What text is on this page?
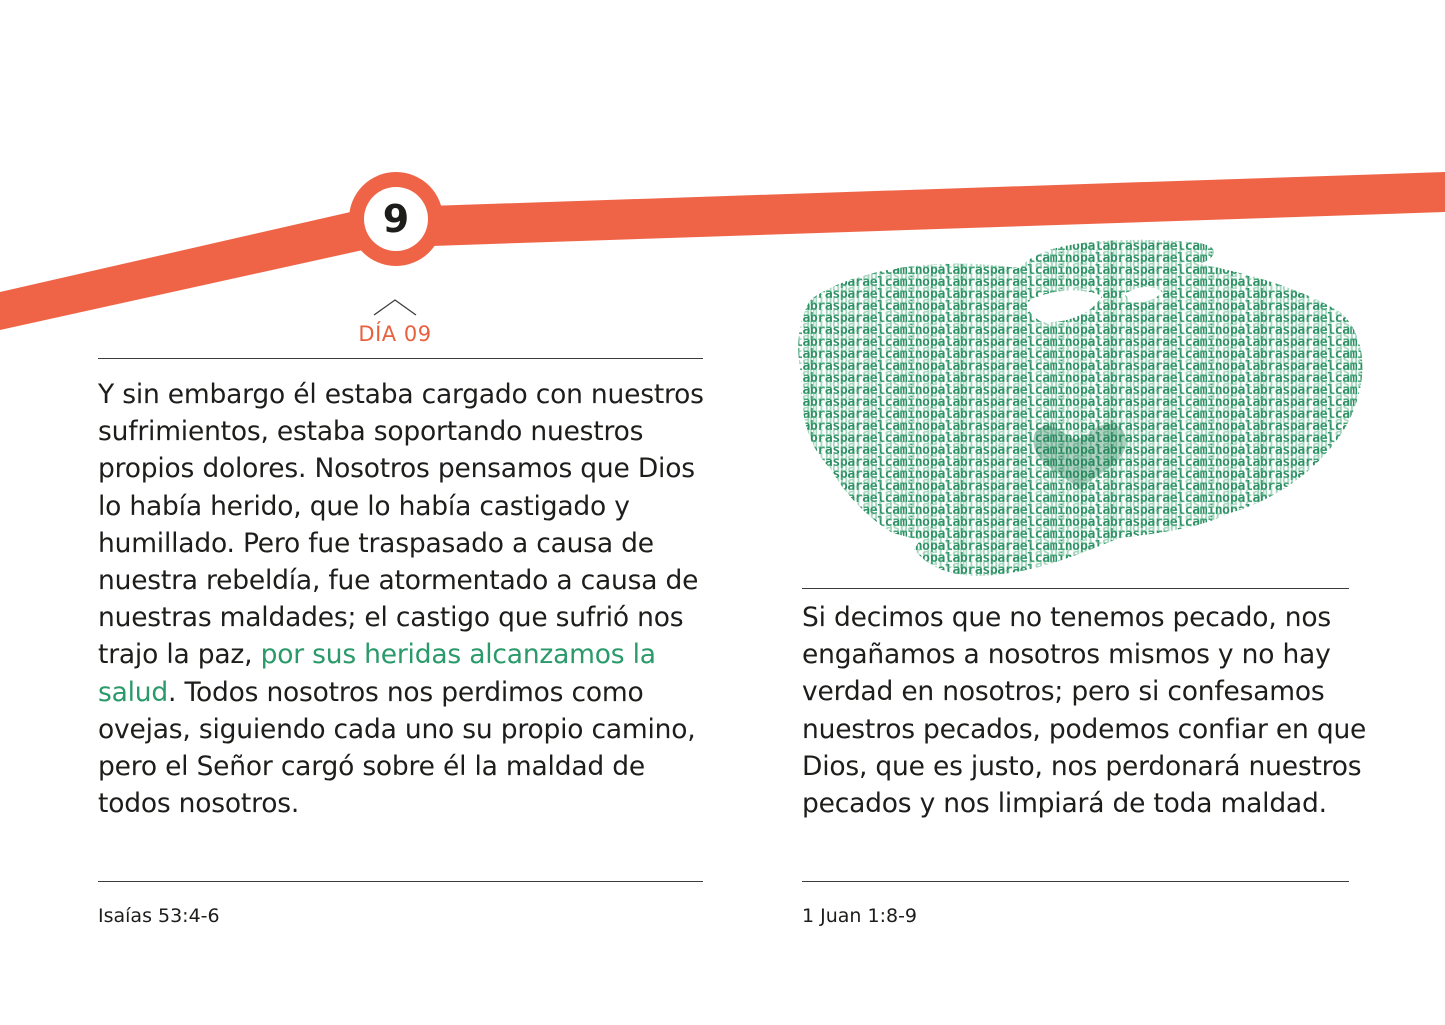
9
DÍA 09

Y sin embargo él estaba cargado con nuestros sufrimientos, estaba soportando nuestros propios dolores. Nosotros pensamos que Dios lo había herido, que lo había castigado y humillado. Pero fue traspasado a causa de nuestra rebeldía, fue atormentado a causa de nuestras maldades; el castigo que sufrió nos trajo la paz, por sus heridas alcanzamos la salud. Todos nosotros nos perdimos como ovejas, siguiendo cada uno su propio camino, pero el Señor cargó sobre él la maldad de todos nosotros.

Isaías 53:4-6

Si decimos que no tenemos pecado, nos engañamos a nosotros mismos y no hay verdad en nosotros; pero si confesamos nuestros pecados, podemos confiar en que Dios, que es justo, nos perdonará nuestros pecados y nos limpiará de toda maldad.

1 Juan 1:8-9
